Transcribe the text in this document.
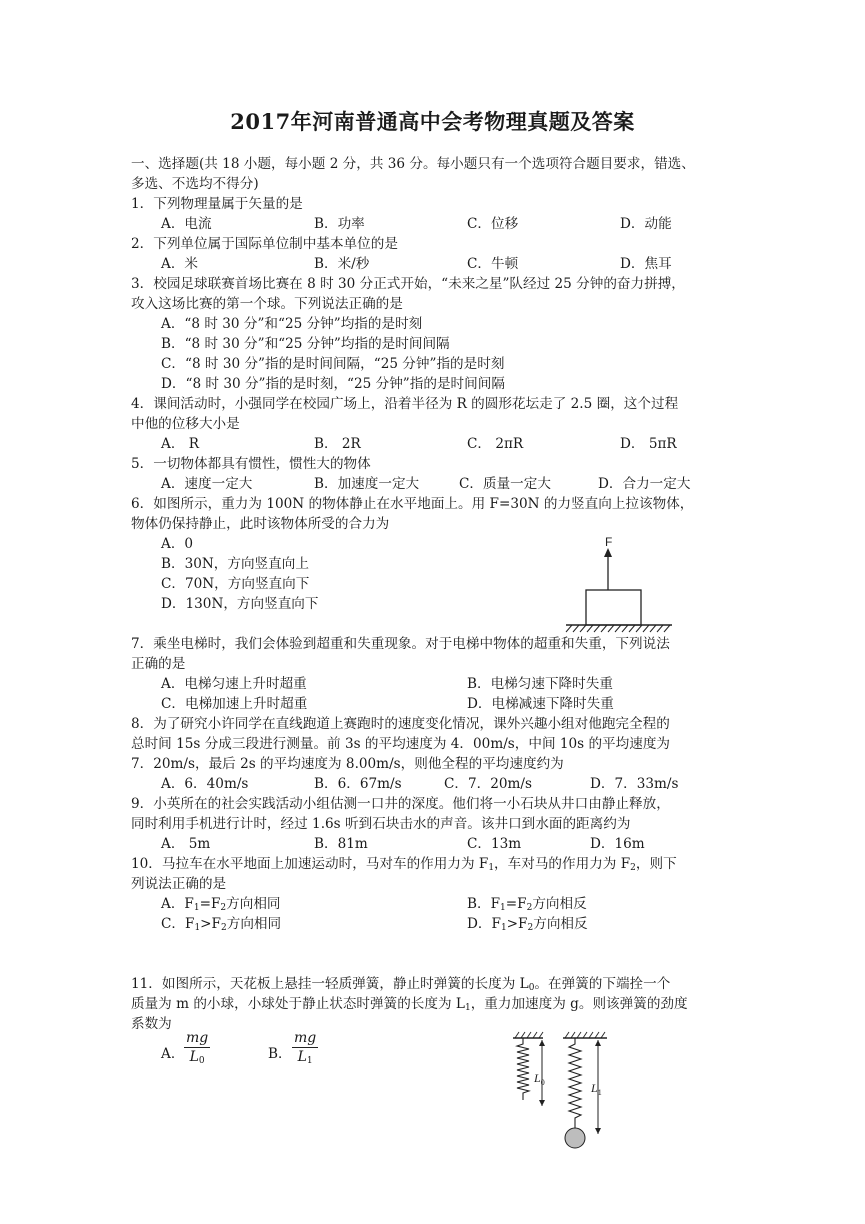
2017年河南普通高中会考物理真题及答案
一、选择题(共 18 小题，每小题 2 分，共 36 分。每小题只有一个选项符合题目要求，错选、
多选、不选均不得分)
1．下列物理量属于矢量的是
A．电流	B．功率	C．位移	D．动能
2．下列单位属于国际单位制中基本单位的是
A．米	B．米/秒	C．牛顿	D．焦耳
3．校园足球联赛首场比赛在 8 时 30 分正式开始，“未来之星”队经过 25 分钟的奋力拼搏，
攻入这场比赛的第一个球。下列说法正确的是
A．“8 时 30 分”和“25 分钟”均指的是时刻
B．“8 时 30 分”和“25 分钟”均指的是时间间隔
C．“8 时 30 分”指的是时间间隔，“25 分钟”指的是时刻
D．“8 时 30 分”指的是时刻，“25 分钟”指的是时间间隔
4．课间活动时，小强同学在校园广场上，沿着半径为 R 的圆形花坛走了 2.5 圈，这个过程
中他的位移大小是
A． R	B． 2R	C． 2πR	D． 5πR
5．一切物体都具有惯性，惯性大的物体
A．速度一定大	B．加速度一定大	C．质量一定大	D．合力一定大
6．如图所示，重力为 100N 的物体静止在水平地面上。用 F=30N 的力竖直向上拉该物体，
物体仍保持静止，此时该物体所受的合力为
A．0
B．30N，方向竖直向上
C．70N，方向竖直向下
D．130N，方向竖直向下
F
7．乘坐电梯时，我们会体验到超重和失重现象。对于电梯中物体的超重和失重，下列说法
正确的是
A．电梯匀速上升时超重	B．电梯匀速下降时失重
C．电梯加速上升时超重	D．电梯减速下降时失重
8．为了研究小许同学在直线跑道上赛跑时的速度变化情况，课外兴趣小组对他跑完全程的
总时间 15s 分成三段进行测量。前 3s 的平均速度为 4．00m/s，中间 10s 的平均速度为
7．20m/s，最后 2s 的平均速度为 8.00m/s，则他全程的平均速度约为
A．6．40m/s	B．6．67m/s	C．7．20m/s	D．7．33m/s
9．小英所在的社会实践活动小组估测一口井的深度。他们将一小石块从井口由静止释放，
同时利用手机进行计时，经过 1.6s 听到石块击水的声音。该井口到水面的距离约为
A． 5m	B．81m	C．13m	D．16m
10．马拉车在水平地面上加速运动时，马对车的作用力为 $F_1$，车对马的作用力为 $F_2$，则下
列说法正确的是
A．$F_1=F_2$方向相同	B．$F_1=F_2$方向相反
C．$F_1>F_2$方向相同	D．$F_1>F_2$方向相反
11．如图所示，天花板上悬挂一轻质弹簧，静止时弹簧的长度为 $L_0$。在弹簧的下端拴一个
质量为 m 的小球，小球处于静止状态时弹簧的长度为 $L_1$，重力加速度为 g。则该弹簧的劲度
系数为
A． $\frac{mg}{L_0}$	B． $\frac{mg}{L_1}$
$L_0$	$L_1$
